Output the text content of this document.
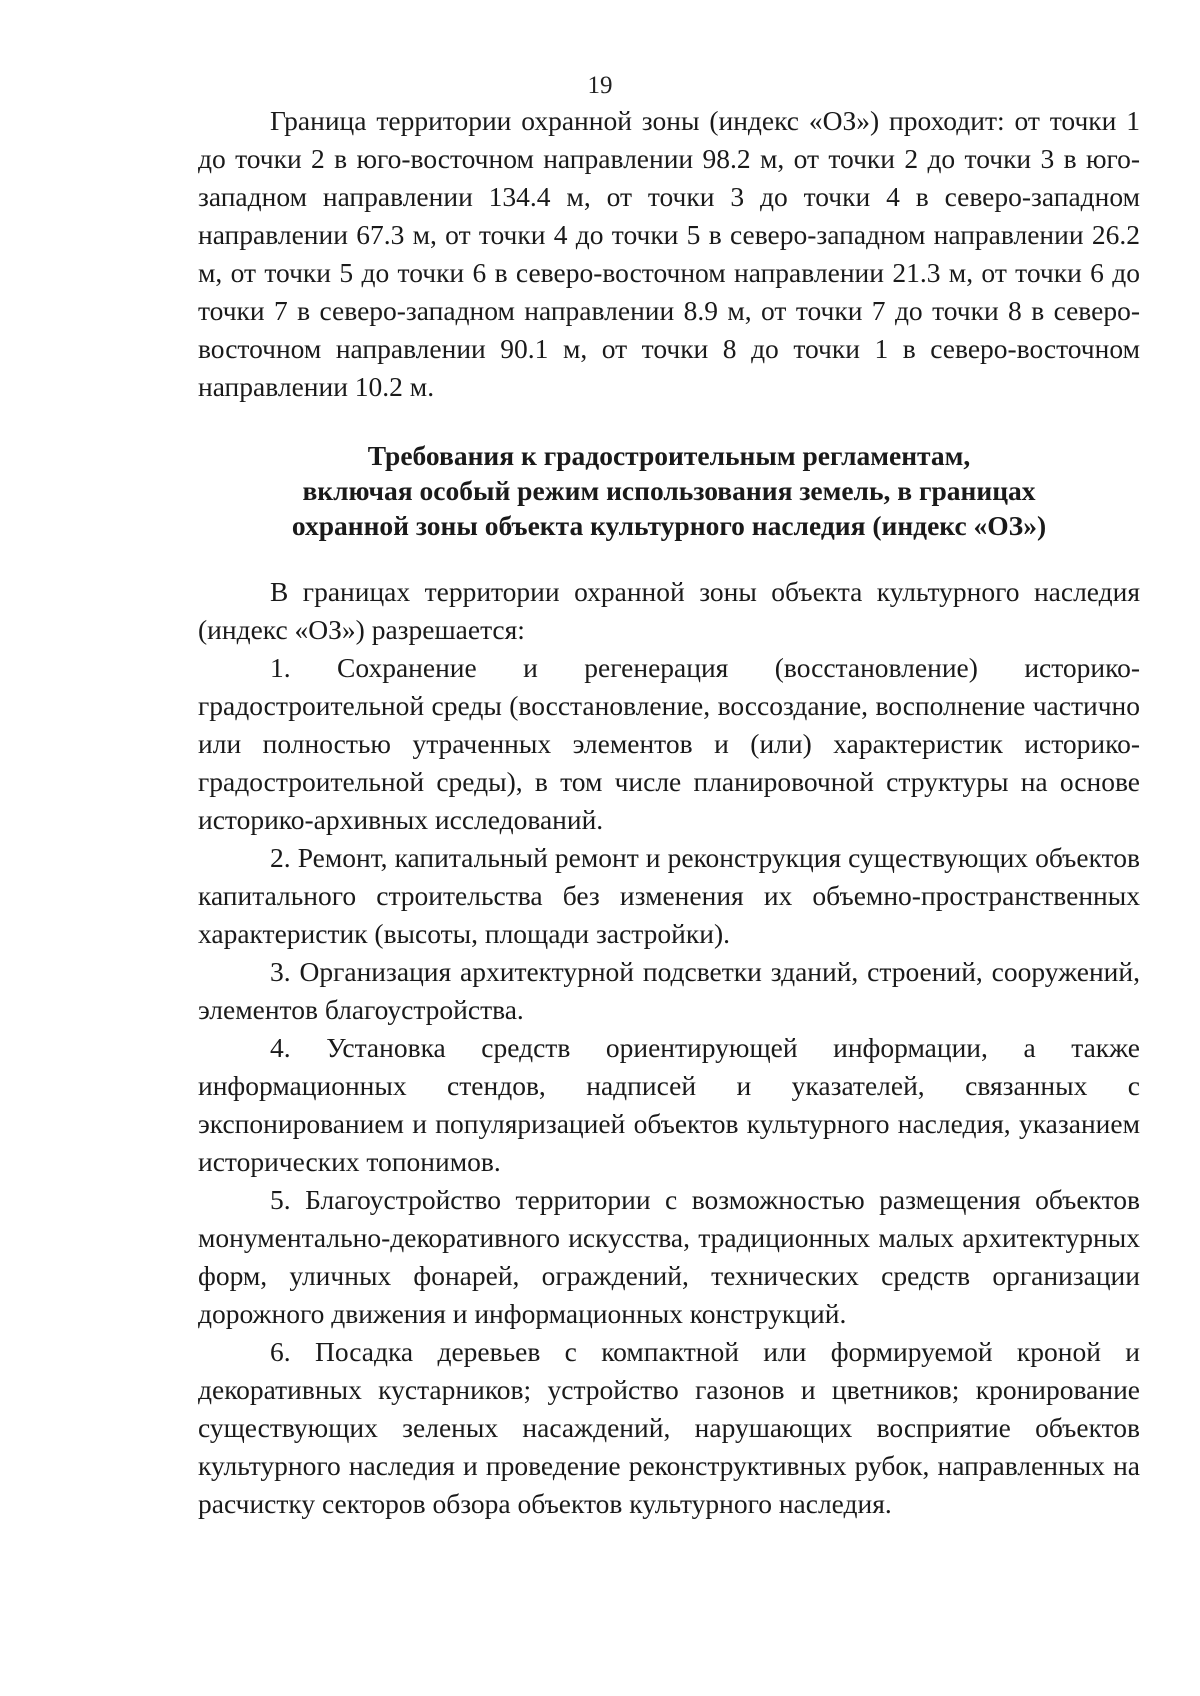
19

Граница территории охранной зоны (индекс «ОЗ») проходит: от точки 1 до точки 2 в юго-восточном направлении 98.2 м, от точки 2 до точки 3 в юго-западном направлении 134.4 м, от точки 3 до точки 4 в северо-западном направлении 67.3 м, от точки 4 до точки 5 в северо-западном направлении 26.2 м, от точки 5 до точки 6 в северо-восточном направлении 21.3 м, от точки 6 до точки 7 в северо-западном направлении 8.9 м, от точки 7 до точки 8 в северо-восточном направлении 90.1 м, от точки 8 до точки 1 в северо-восточном направлении 10.2 м.

Требования к градостроительным регламентам,
включая особый режим использования земель, в границах
охранной зоны объекта культурного наследия (индекс «ОЗ»)

В границах территории охранной зоны объекта культурного наследия (индекс «ОЗ») разрешается:

1. Сохранение и регенерация (восстановление) историко-градостроительной среды (восстановление, воссоздание, восполнение частично или полностью утраченных элементов и (или) характеристик историко-градостроительной среды), в том числе планировочной структуры на основе историко-архивных исследований.

2. Ремонт, капитальный ремонт и реконструкция существующих объектов капитального строительства без изменения их объемно-пространственных характеристик (высоты, площади застройки).

3. Организация архитектурной подсветки зданий, строений, сооружений, элементов благоустройства.

4. Установка средств ориентирующей информации, а также информационных стендов, надписей и указателей, связанных с экспонированием и популяризацией объектов культурного наследия, указанием исторических топонимов.

5. Благоустройство территории с возможностью размещения объектов монументально-декоративного искусства, традиционных малых архитектурных форм, уличных фонарей, ограждений, технических средств организации дорожного движения и информационных конструкций.

6. Посадка деревьев с компактной или формируемой кроной и декоративных кустарников; устройство газонов и цветников; кронирование существующих зеленых насаждений, нарушающих восприятие объектов культурного наследия и проведение реконструктивных рубок, направленных на расчистку секторов обзора объектов культурного наследия.
